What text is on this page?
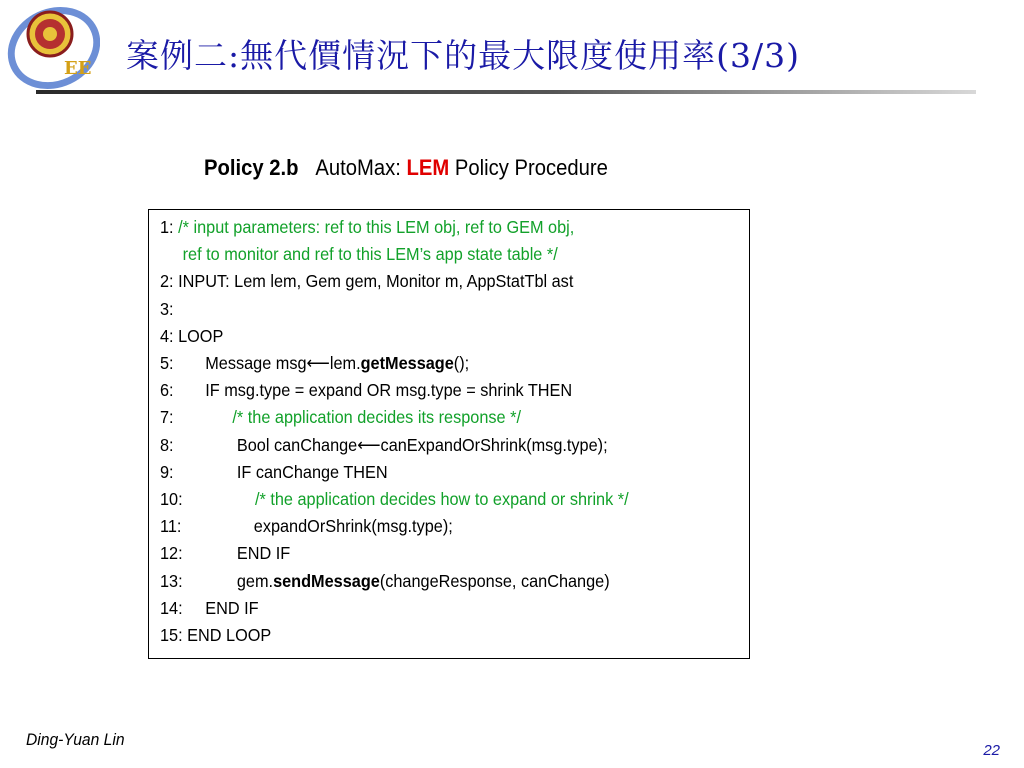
EE 案例二:無代價情況下的最大限度使用率(3/3)
Policy 2.b AutoMax: LEM Policy Procedure
1: /* input parameters: ref to this LEM obj, ref to GEM obj,
ref to monitor and ref to this LEM’s app state table */
2: INPUT: Lem lem, Gem gem, Monitor m, AppStatTbl ast
3:
4: LOOP
5:       Message msg⟵lem.getMessage();
6:       IF msg.type = expand OR msg.type = shrink THEN
7:             /* the application decides its response */
8:              Bool canChange⟵canExpandOrShrink(msg.type);
9:              IF canChange THEN
10:                /* the application decides how to expand or shrink */
11:                expandOrShrink(msg.type);
12:            END IF
13:            gem.sendMessage(changeResponse, canChange)
14:     END IF
15: END LOOP
Ding-Yuan Lin
22
